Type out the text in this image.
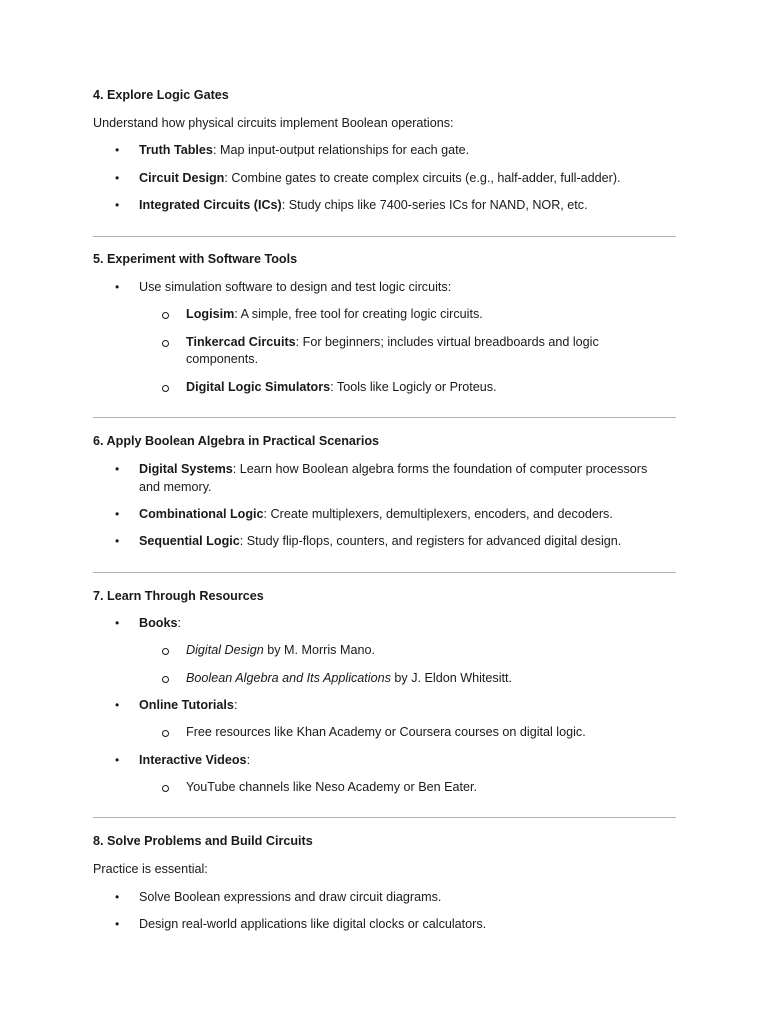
4. Explore Logic Gates
Understand how physical circuits implement Boolean operations:
• Truth Tables: Map input-output relationships for each gate.
• Circuit Design: Combine gates to create complex circuits (e.g., half-adder, full-adder).
• Integrated Circuits (ICs): Study chips like 7400-series ICs for NAND, NOR, etc.
5. Experiment with Software Tools
• Use simulation software to design and test logic circuits:
Logisim: A simple, free tool for creating logic circuits.
Tinkercad Circuits: For beginners; includes virtual breadboards and logic
components.
Digital Logic Simulators: Tools like Logicly or Proteus.
6. Apply Boolean Algebra in Practical Scenarios
• Digital Systems: Learn how Boolean algebra forms the foundation of computer processors
and memory.
• Combinational Logic: Create multiplexers, demultiplexers, encoders, and decoders.
• Sequential Logic: Study flip-flops, counters, and registers for advanced digital design.
7. Learn Through Resources
• Books:
Digital Design by M. Morris Mano.
Boolean Algebra and Its Applications by J. Eldon Whitesitt.
• Online Tutorials:
Free resources like Khan Academy or Coursera courses on digital logic.
• Interactive Videos:
YouTube channels like Neso Academy or Ben Eater.
8. Solve Problems and Build Circuits
Practice is essential:
• Solve Boolean expressions and draw circuit diagrams.
• Design real-world applications like digital clocks or calculators.
